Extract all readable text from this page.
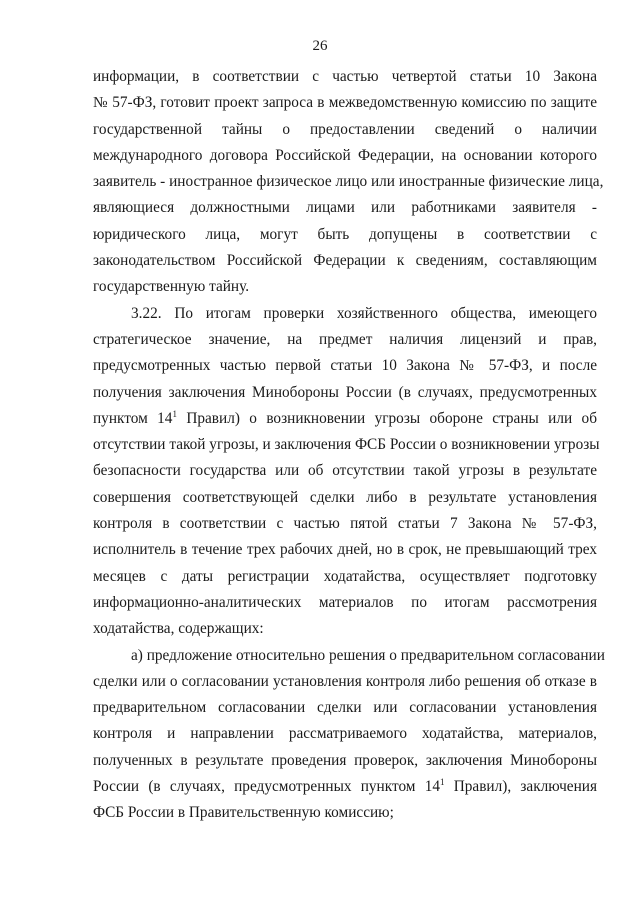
26

информации, в соответствии с частью четвертой статьи 10 Закона
№ 57-ФЗ, готовит проект запроса в межведомственную комиссию по защите
государственной тайны о предоставлении сведений о наличии
международного договора Российской Федерации, на основании которого
заявитель - иностранное физическое лицо или иностранные физические лица,
являющиеся должностными лицами или работниками заявителя -
юридического лица, могут быть допущены в соответствии с
законодательством Российской Федерации к сведениям, составляющим
государственную тайну.

3.22. По итогам проверки хозяйственного общества, имеющего
стратегическое значение, на предмет наличия лицензий и прав,
предусмотренных частью первой статьи 10 Закона № 57-ФЗ, и после
получения заключения Минобороны России (в случаях, предусмотренных
пунктом $14^1$ Правил) о возникновении угрозы обороне страны или об
отсутствии такой угрозы, и заключения ФСБ России о возникновении угрозы
безопасности государства или об отсутствии такой угрозы в результате
совершения соответствующей сделки либо в результате установления
контроля в соответствии с частью пятой статьи 7 Закона № 57-ФЗ,
исполнитель в течение трех рабочих дней, но в срок, не превышающий трех
месяцев с даты регистрации ходатайства, осуществляет подготовку
информационно-аналитических материалов по итогам рассмотрения
ходатайства, содержащих:

а) предложение относительно решения о предварительном согласовании
сделки или о согласовании установления контроля либо решения об отказе в
предварительном согласовании сделки или согласовании установления
контроля и направлении рассматриваемого ходатайства, материалов,
полученных в результате проведения проверок, заключения Минобороны
России (в случаях, предусмотренных пунктом $14^1$ Правил), заключения
ФСБ России в Правительственную комиссию;
